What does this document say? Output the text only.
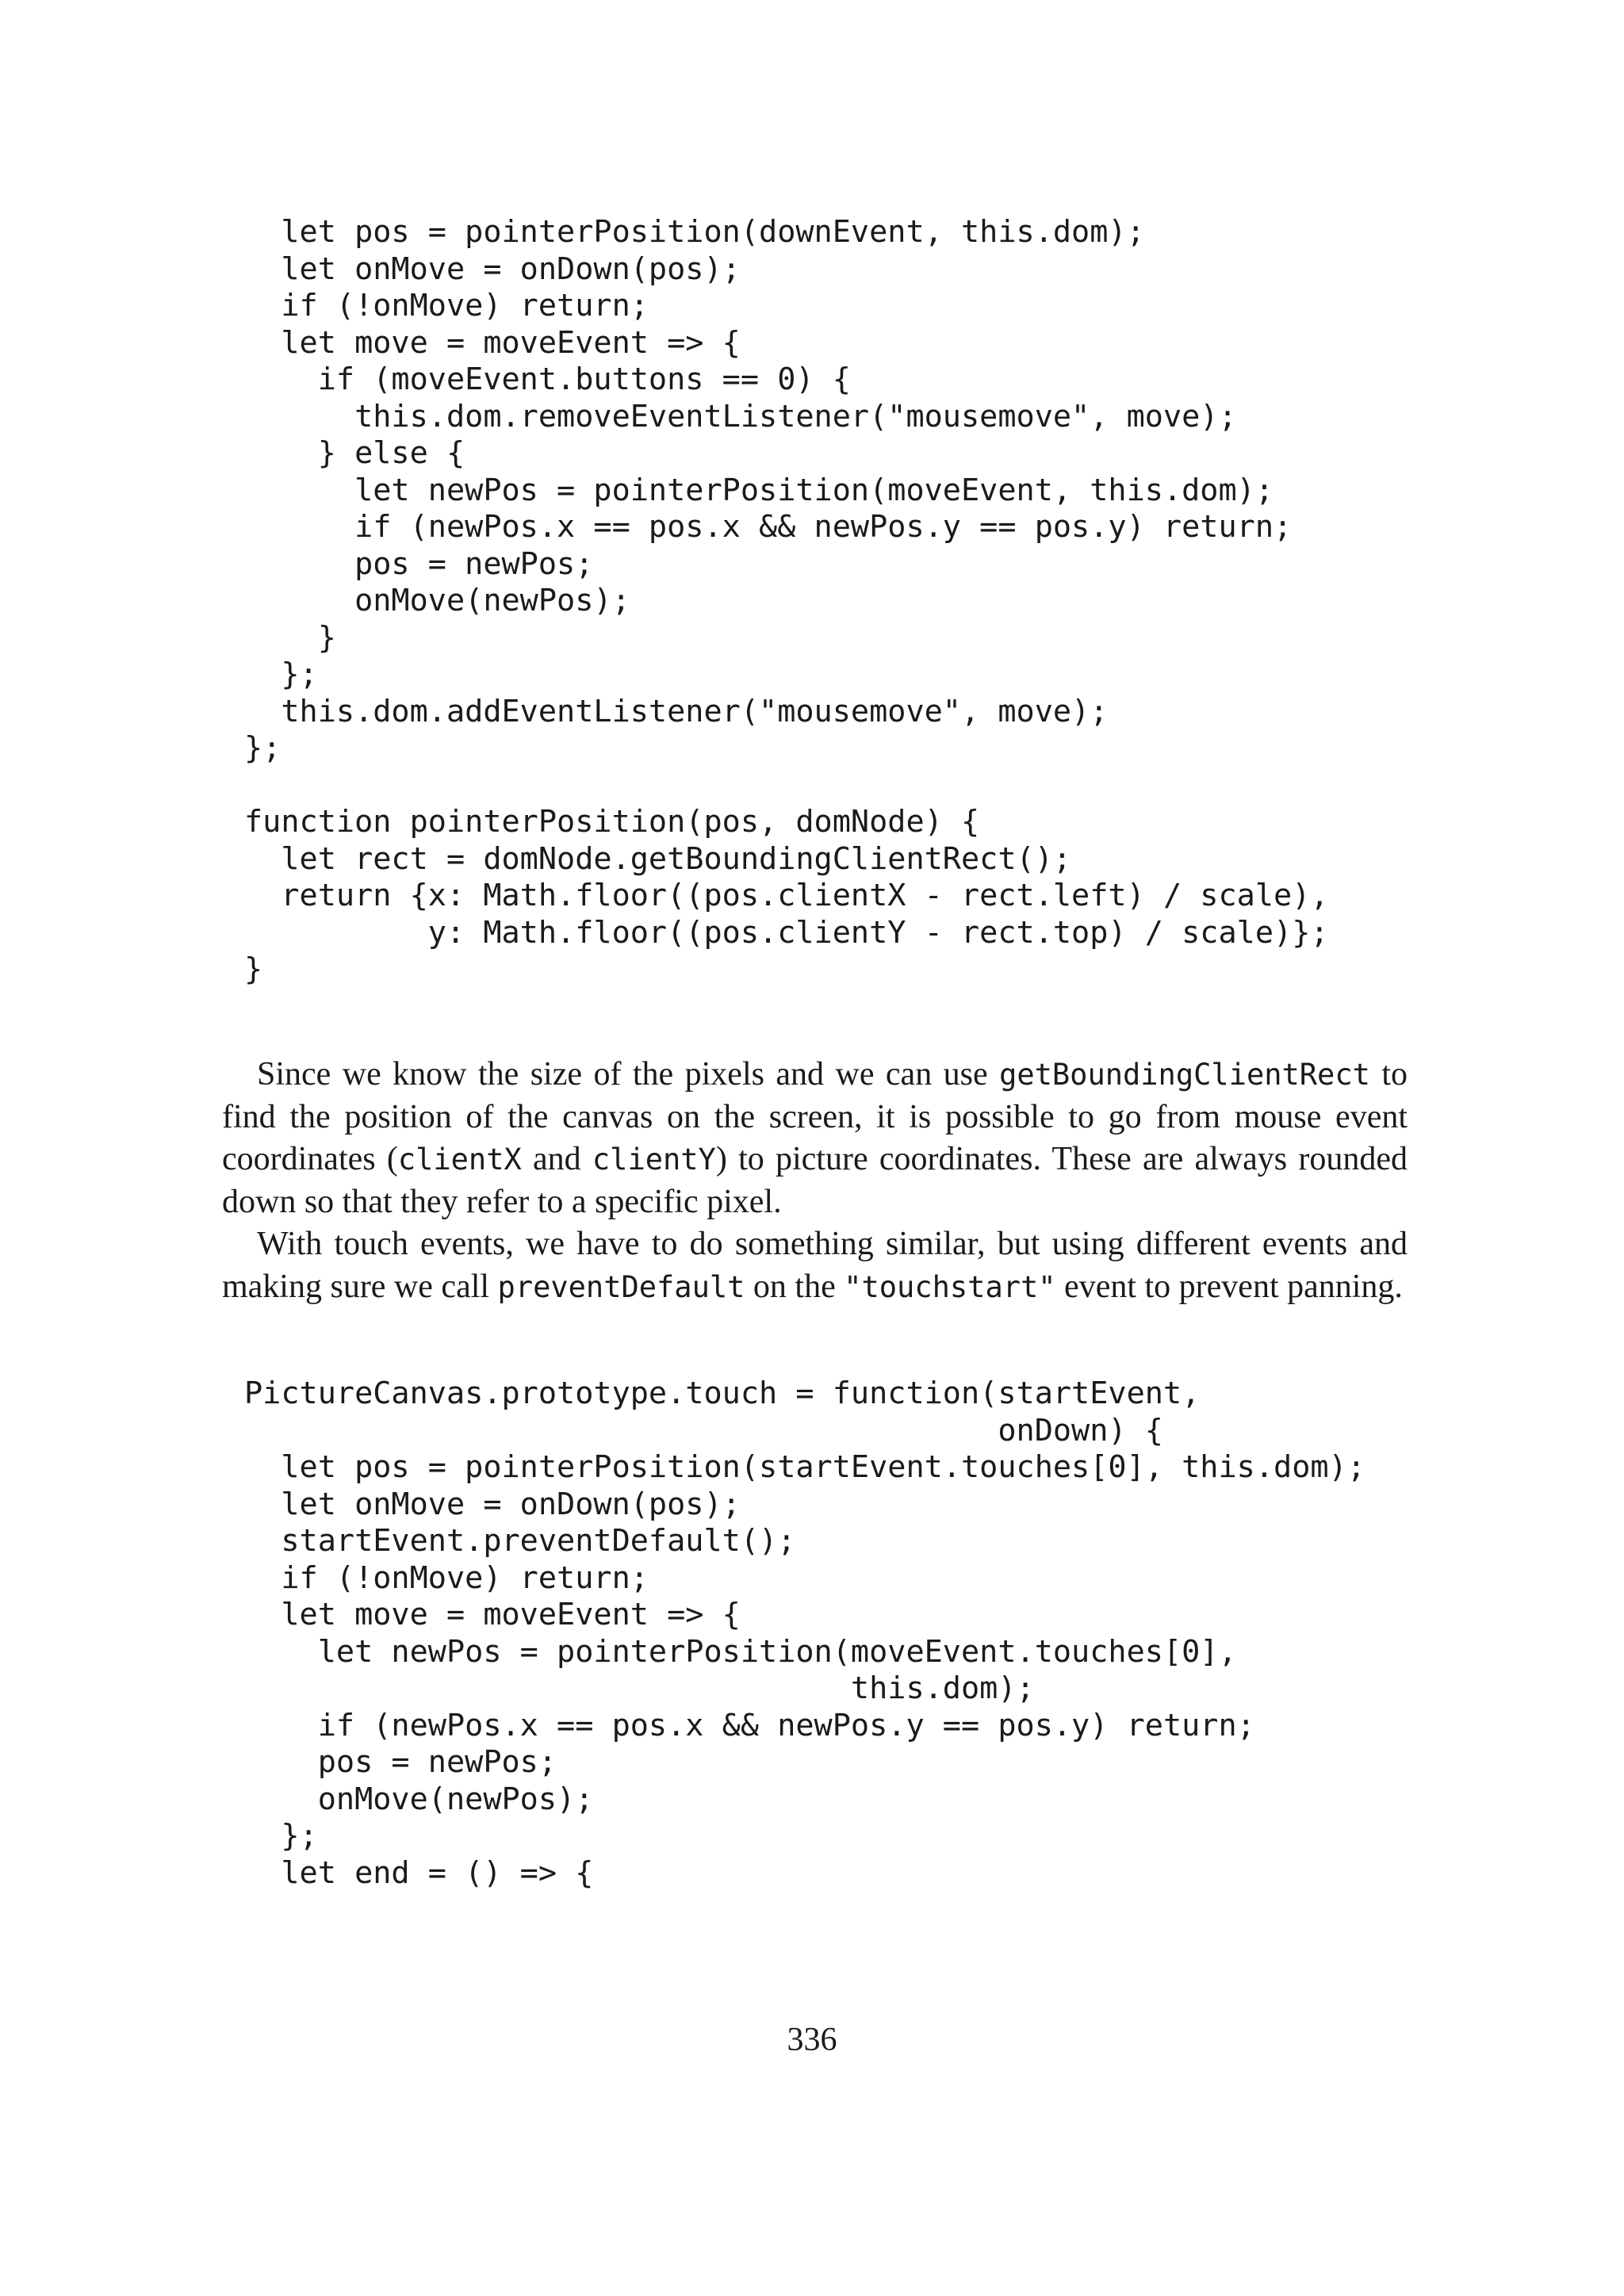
let pos = pointerPosition(downEvent, this.dom);
let onMove = onDown(pos);
if (!onMove) return;
let move = moveEvent => {
if (moveEvent.buttons == 0) {
this.dom.removeEventListener("mousemove", move);
} else {
let newPos = pointerPosition(moveEvent, this.dom);
if (newPos.x == pos.x && newPos.y == pos.y) return;
pos = newPos;
onMove(newPos);
}
};
this.dom.addEventListener("mousemove", move);
};

function pointerPosition(pos, domNode) {
let rect = domNode.getBoundingClientRect();
return {x: Math.floor((pos.clientX - rect.left) / scale),
y: Math.floor((pos.clientY - rect.top) / scale)};
}

Since we know the size of the pixels and we can use getBoundingClientRect to find the position of the canvas on the screen, it is possible to go from mouse event coordinates (clientX and clientY) to picture coordinates. These are always rounded down so that they refer to a specific pixel.

With touch events, we have to do something similar, but using different events and making sure we call preventDefault on the "touchstart" event to prevent panning.

PictureCanvas.prototype.touch = function(startEvent,
onDown) {
let pos = pointerPosition(startEvent.touches[0], this.dom);
let onMove = onDown(pos);
startEvent.preventDefault();
if (!onMove) return;
let move = moveEvent => {
let newPos = pointerPosition(moveEvent.touches[0],
this.dom);
if (newPos.x == pos.x && newPos.y == pos.y) return;
pos = newPos;
onMove(newPos);
};
let end = () => {
336
